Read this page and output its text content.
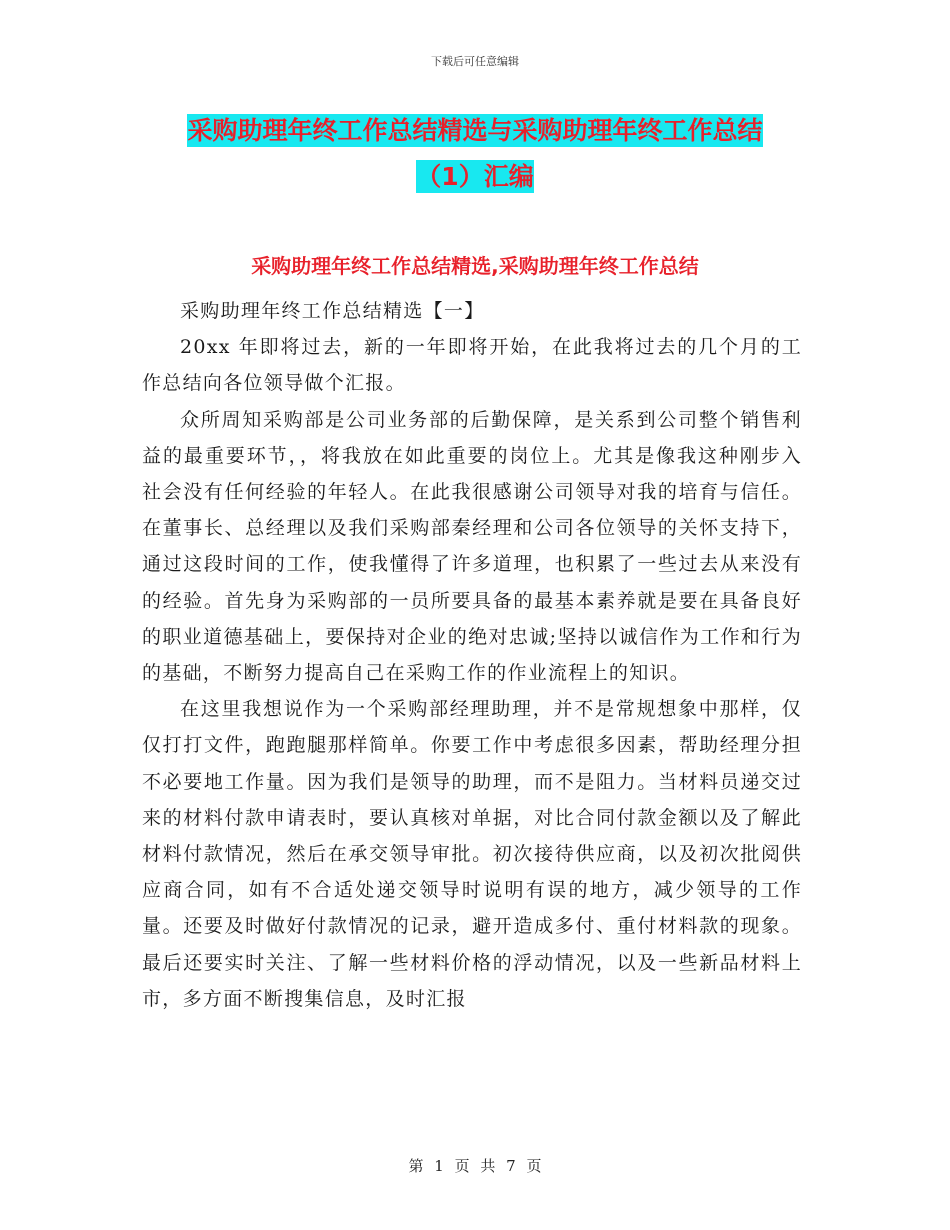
下载后可任意编辑
采购助理年终工作总结精选与采购助理年终工作总结
（1）汇编
采购助理年终工作总结精选,采购助理年终工作总结

采购助理年终工作总结精选【一】

20xx 年即将过去，新的一年即将开始，在此我将过去的几个月的工作总结向各位领导做个汇报。

众所周知采购部是公司业务部的后勤保障，是关系到公司整个销售利益的最重要环节，，将我放在如此重要的岗位上。尤其是像我这种刚步入社会没有任何经验的年轻人。在此我很感谢公司领导对我的培育与信任。在董事长、总经理以及我们采购部秦经理和公司各位领导的关怀支持下，通过这段时间的工作，使我懂得了许多道理，也积累了一些过去从来没有的经验。首先身为采购部的一员所要具备的最基本素养就是要在具备良好的职业道德基础上，要保持对企业的绝对忠诚;坚持以诚信作为工作和行为的基础，不断努力提高自己在采购工作的作业流程上的知识。

在这里我想说作为一个采购部经理助理，并不是常规想象中那样，仅仅打打文件，跑跑腿那样简单。你要工作中考虑很多因素，帮助经理分担不必要地工作量。因为我们是领导的助理，而不是阻力。当材料员递交过来的材料付款申请表时，要认真核对单据，对比合同付款金额以及了解此材料付款情况，然后在承交领导审批。初次接待供应商，以及初次批阅供应商合同，如有不合适处递交领导时说明有误的地方，减少领导的工作量。还要及时做好付款情况的记录，避开造成多付、重付材料款的现象。最后还要实时关注、了解一些材料价格的浮动情况，以及一些新品材料上市，多方面不断搜集信息，及时汇报

第 1 页 共 7 页
